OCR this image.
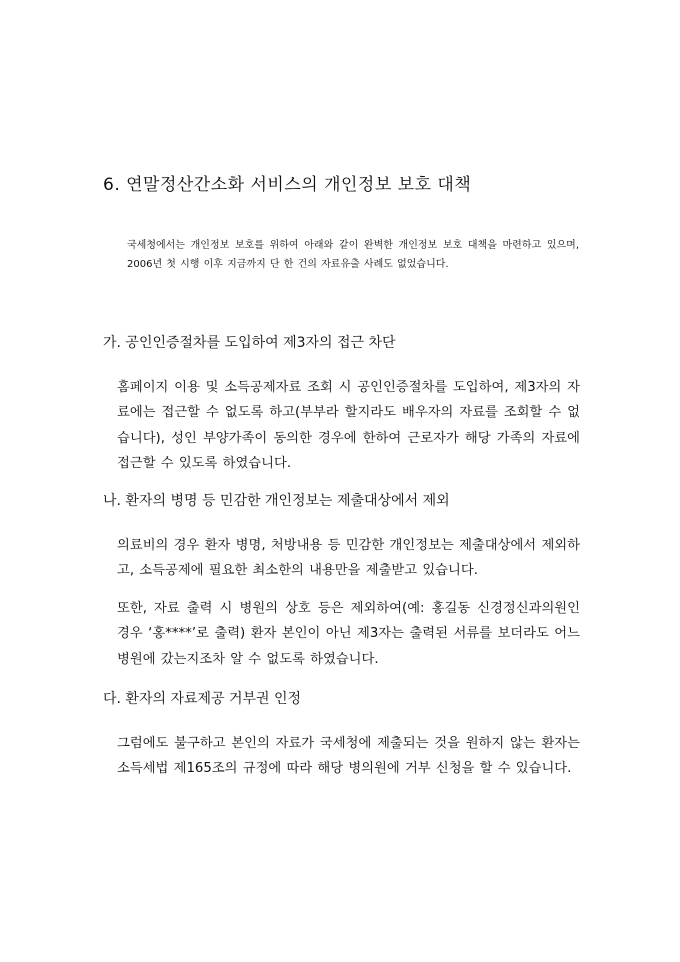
6. 연말정산간소화 서비스의 개인정보 보호 대책
국세청에서는 개인정보 보호를 위하여 아래와 같이 완벽한 개인정보 보호 대책을 마련하고 있으며, 2006년 첫 시행 이후 지금까지 단 한 건의 자료유출 사례도 없었습니다.
가. 공인인증절차를 도입하여 제3자의 접근 차단
홈페이지 이용 및 소득공제자료 조회 시 공인인증절차를 도입하여, 제3자의 자료에는 접근할 수 없도록 하고(부부라 할지라도 배우자의 자료를 조회할 수 없습니다), 성인 부양가족이 동의한 경우에 한하여 근로자가 해당 가족의 자료에 접근할 수 있도록 하였습니다.
나. 환자의 병명 등 민감한 개인정보는 제출대상에서 제외
의료비의 경우 환자 병명, 처방내용 등 민감한 개인정보는 제출대상에서 제외하고, 소득공제에 필요한 최소한의 내용만을 제출받고 있습니다.
또한, 자료 출력 시 병원의 상호 등은 제외하여(예: 홍길동 신경정신과의원인 경우 ‘홍****’로 출력) 환자 본인이 아닌 제3자는 출력된 서류를 보더라도 어느 병원에 갔는지조차 알 수 없도록 하였습니다.
다. 환자의 자료제공 거부권 인정
그럼에도 불구하고 본인의 자료가 국세청에 제출되는 것을 원하지 않는 환자는 소득세법 제165조의 규정에 따라 해당 병의원에 거부 신청을 할 수 있습니다.
